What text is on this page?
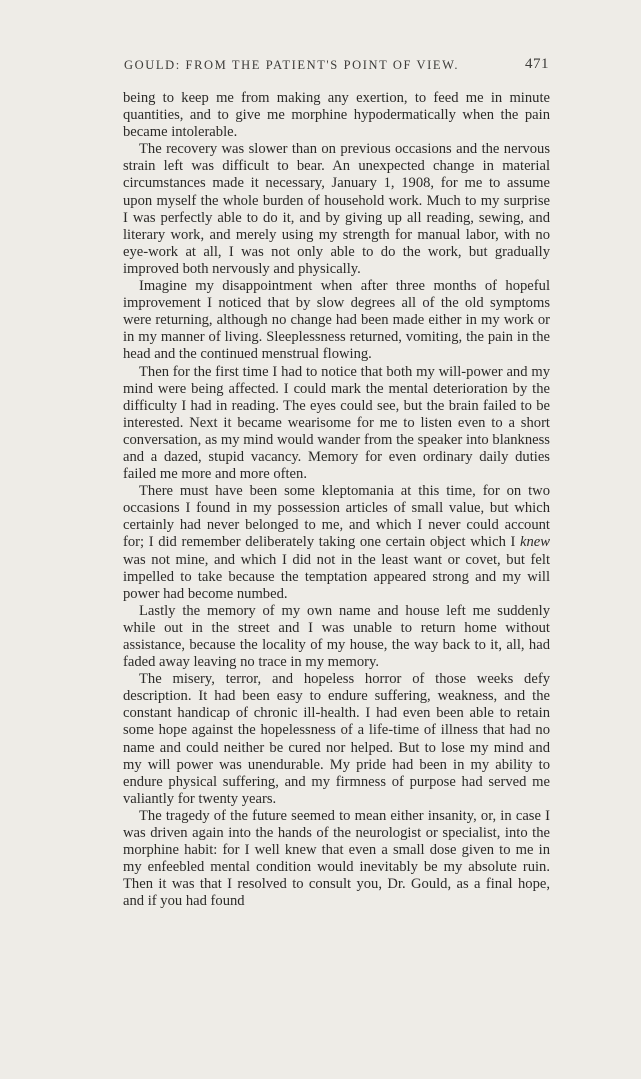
GOULD: FROM THE PATIENT'S POINT OF VIEW.	471

being to keep me from making any exertion, to feed me in minute quantities, and to give me morphine hypodermatically when the pain became intolerable.

The recovery was slower than on previous occasions and the nervous strain left was difficult to bear. An unexpected change in material circumstances made it necessary, January 1, 1908, for me to assume upon myself the whole burden of household work. Much to my surprise I was perfectly able to do it, and by giving up all reading, sewing, and literary work, and merely using my strength for manual labor, with no eye-work at all, I was not only able to do the work, but gradually improved both nervously and physically.

Imagine my disappointment when after three months of hopeful improvement I noticed that by slow degrees all of the old symptoms were returning, although no change had been made either in my work or in my manner of living. Sleeplessness returned, vomiting, the pain in the head and the continued menstrual flowing.

Then for the first time I had to notice that both my will-power and my mind were being affected. I could mark the mental deterioration by the difficulty I had in reading. The eyes could see, but the brain failed to be interested. Next it became wearisome for me to listen even to a short conversation, as my mind would wander from the speaker into blankness and a dazed, stupid vacancy. Memory for even ordinary daily duties failed me more and more often.

There must have been some kleptomania at this time, for on two occasions I found in my possession articles of small value, but which certainly had never belonged to me, and which I never could account for; I did remember deliberately taking one certain object which I knew was not mine, and which I did not in the least want or covet, but felt impelled to take because the temptation appeared strong and my will power had become numbed.

Lastly the memory of my own name and house left me suddenly while out in the street and I was unable to return home without assistance, because the locality of my house, the way back to it, all, had faded away leaving no trace in my memory.

The misery, terror, and hopeless horror of those weeks defy description. It had been easy to endure suffering, weakness, and the constant handicap of chronic ill-health. I had even been able to retain some hope against the hopelessness of a life-time of illness that had no name and could neither be cured nor helped. But to lose my mind and my will power was unendurable. My pride had been in my ability to endure physical suffering, and my firmness of purpose had served me valiantly for twenty years.

The tragedy of the future seemed to mean either insanity, or, in case I was driven again into the hands of the neurologist or specialist, into the morphine habit: for I well knew that even a small dose given to me in my enfeebled mental condition would inevitably be my absolute ruin. Then it was that I resolved to consult you, Dr. Gould, as a final hope, and if you had found
